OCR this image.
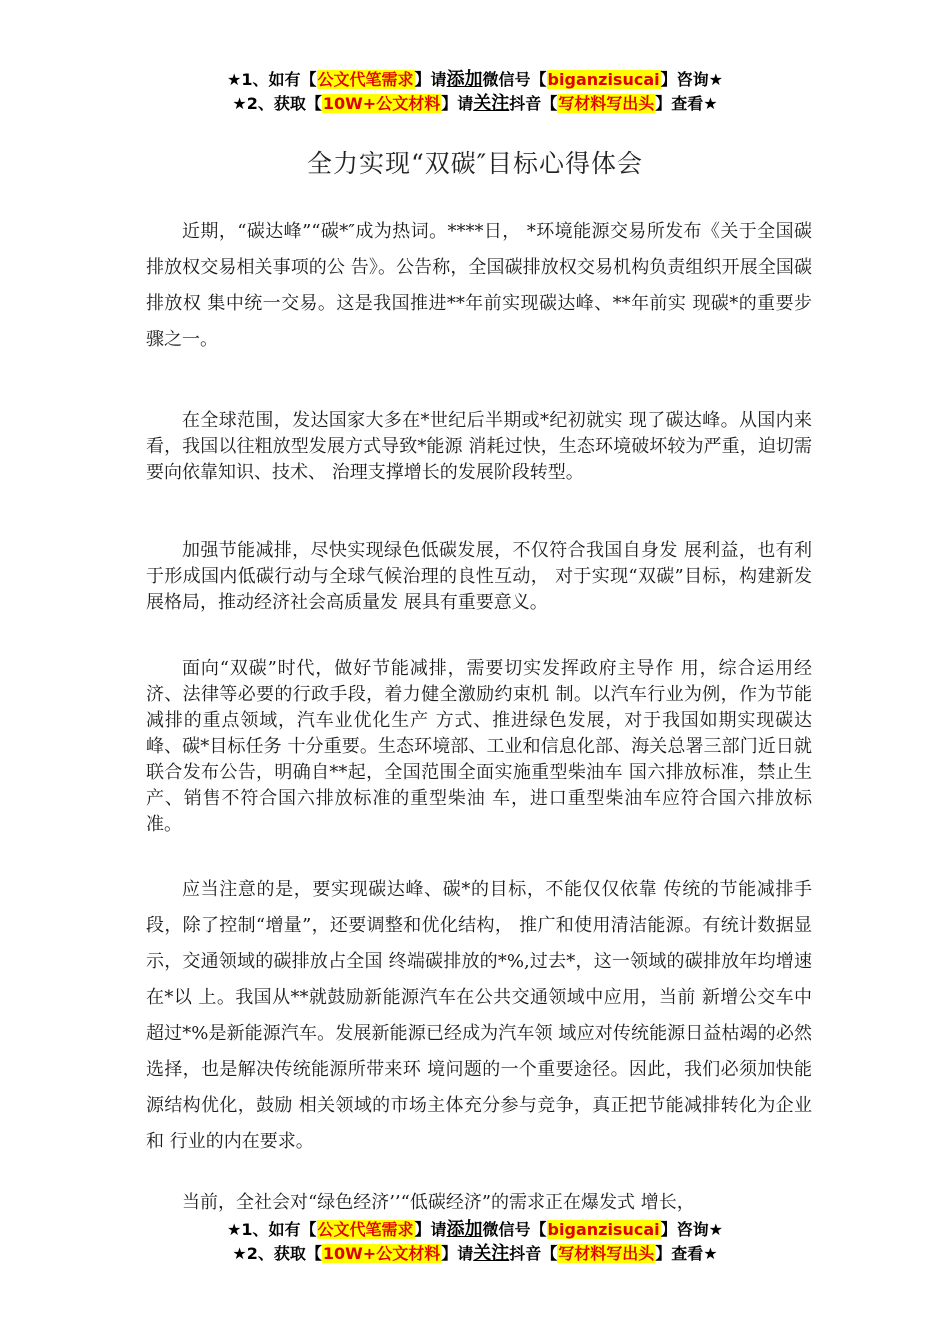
★1、如有【公文代笔需求】请添加微信号【biganzisucai】咨询★
★2、获取【10W+公文材料】请关注抖音【写材料写出头】查看★
全力实现“双碳″目标心得体会

近期，“碳达峰”“碳*″成为热词。****日， *环境能源交易所发布《关于全国碳排放权交易相关事项的公 告》。公告称，全国碳排放权交易机构负责组织开展全国碳排放权 集中统一交易。这是我国推进**年前实现碳达峰、**年前实 现碳*的重要步骤之一。

在全球范围，发达国家大多在*世纪后半期或*纪初就实 现了碳达峰。从国内来看，我国以往粗放型发展方式导致*能源 消耗过快，生态环境破坏较为严重，迫切需要向依靠知识、技术、 治理支撑增长的发展阶段转型。

加强节能减排，尽快实现绿色低碳发展，不仅符合我国自身发 展利益，也有利于形成国内低碳行动与全球气候治理的良性互动， 对于实现“双碳”目标，构建新发展格局，推动经济社会高质量发 展具有重要意义。

面向“双碳”时代，做好节能减排，需要切实发挥政府主导作 用，综合运用经济、法律等必要的行政手段，着力健全激励约束机 制。以汽车行业为例，作为节能减排的重点领域，汽车业优化生产 方式、推进绿色发展，对于我国如期实现碳达峰、碳*目标任务 十分重要。生态环境部、工业和信息化部、海关总署三部门近日就 联合发布公告，明确自**起，全国范围全面实施重型柴油车 国六排放标准，禁止生产、销售不符合国六排放标准的重型柴油 车，进口重型柴油车应符合国六排放标准。

应当注意的是，要实现碳达峰、碳*的目标，不能仅仅依靠 传统的节能减排手段，除了控制“增量”，还要调整和优化结构， 推广和使用清洁能源。有统计数据显示，交通领域的碳排放占全国 终端碳排放的*%,过去*，这一领域的碳排放年均增速在*以 上。我国从**就鼓励新能源汽车在公共交通领域中应用，当前 新增公交车中超过*%是新能源汽车。发展新能源已经成为汽车领 域应对传统能源日益枯竭的必然选择，也是解决传统能源所带来环 境问题的一个重要途径。因此，我们必须加快能源结构优化，鼓励 相关领域的市场主体充分参与竞争，真正把节能减排转化为企业和 行业的内在要求。

当前，全社会对“绿色经济’’“低碳经济”的需求正在爆发式 增长，

★1、如有【公文代笔需求】请添加微信号【biganzisucai】咨询★
★2、获取【10W+公文材料】请关注抖音【写材料写出头】查看★
